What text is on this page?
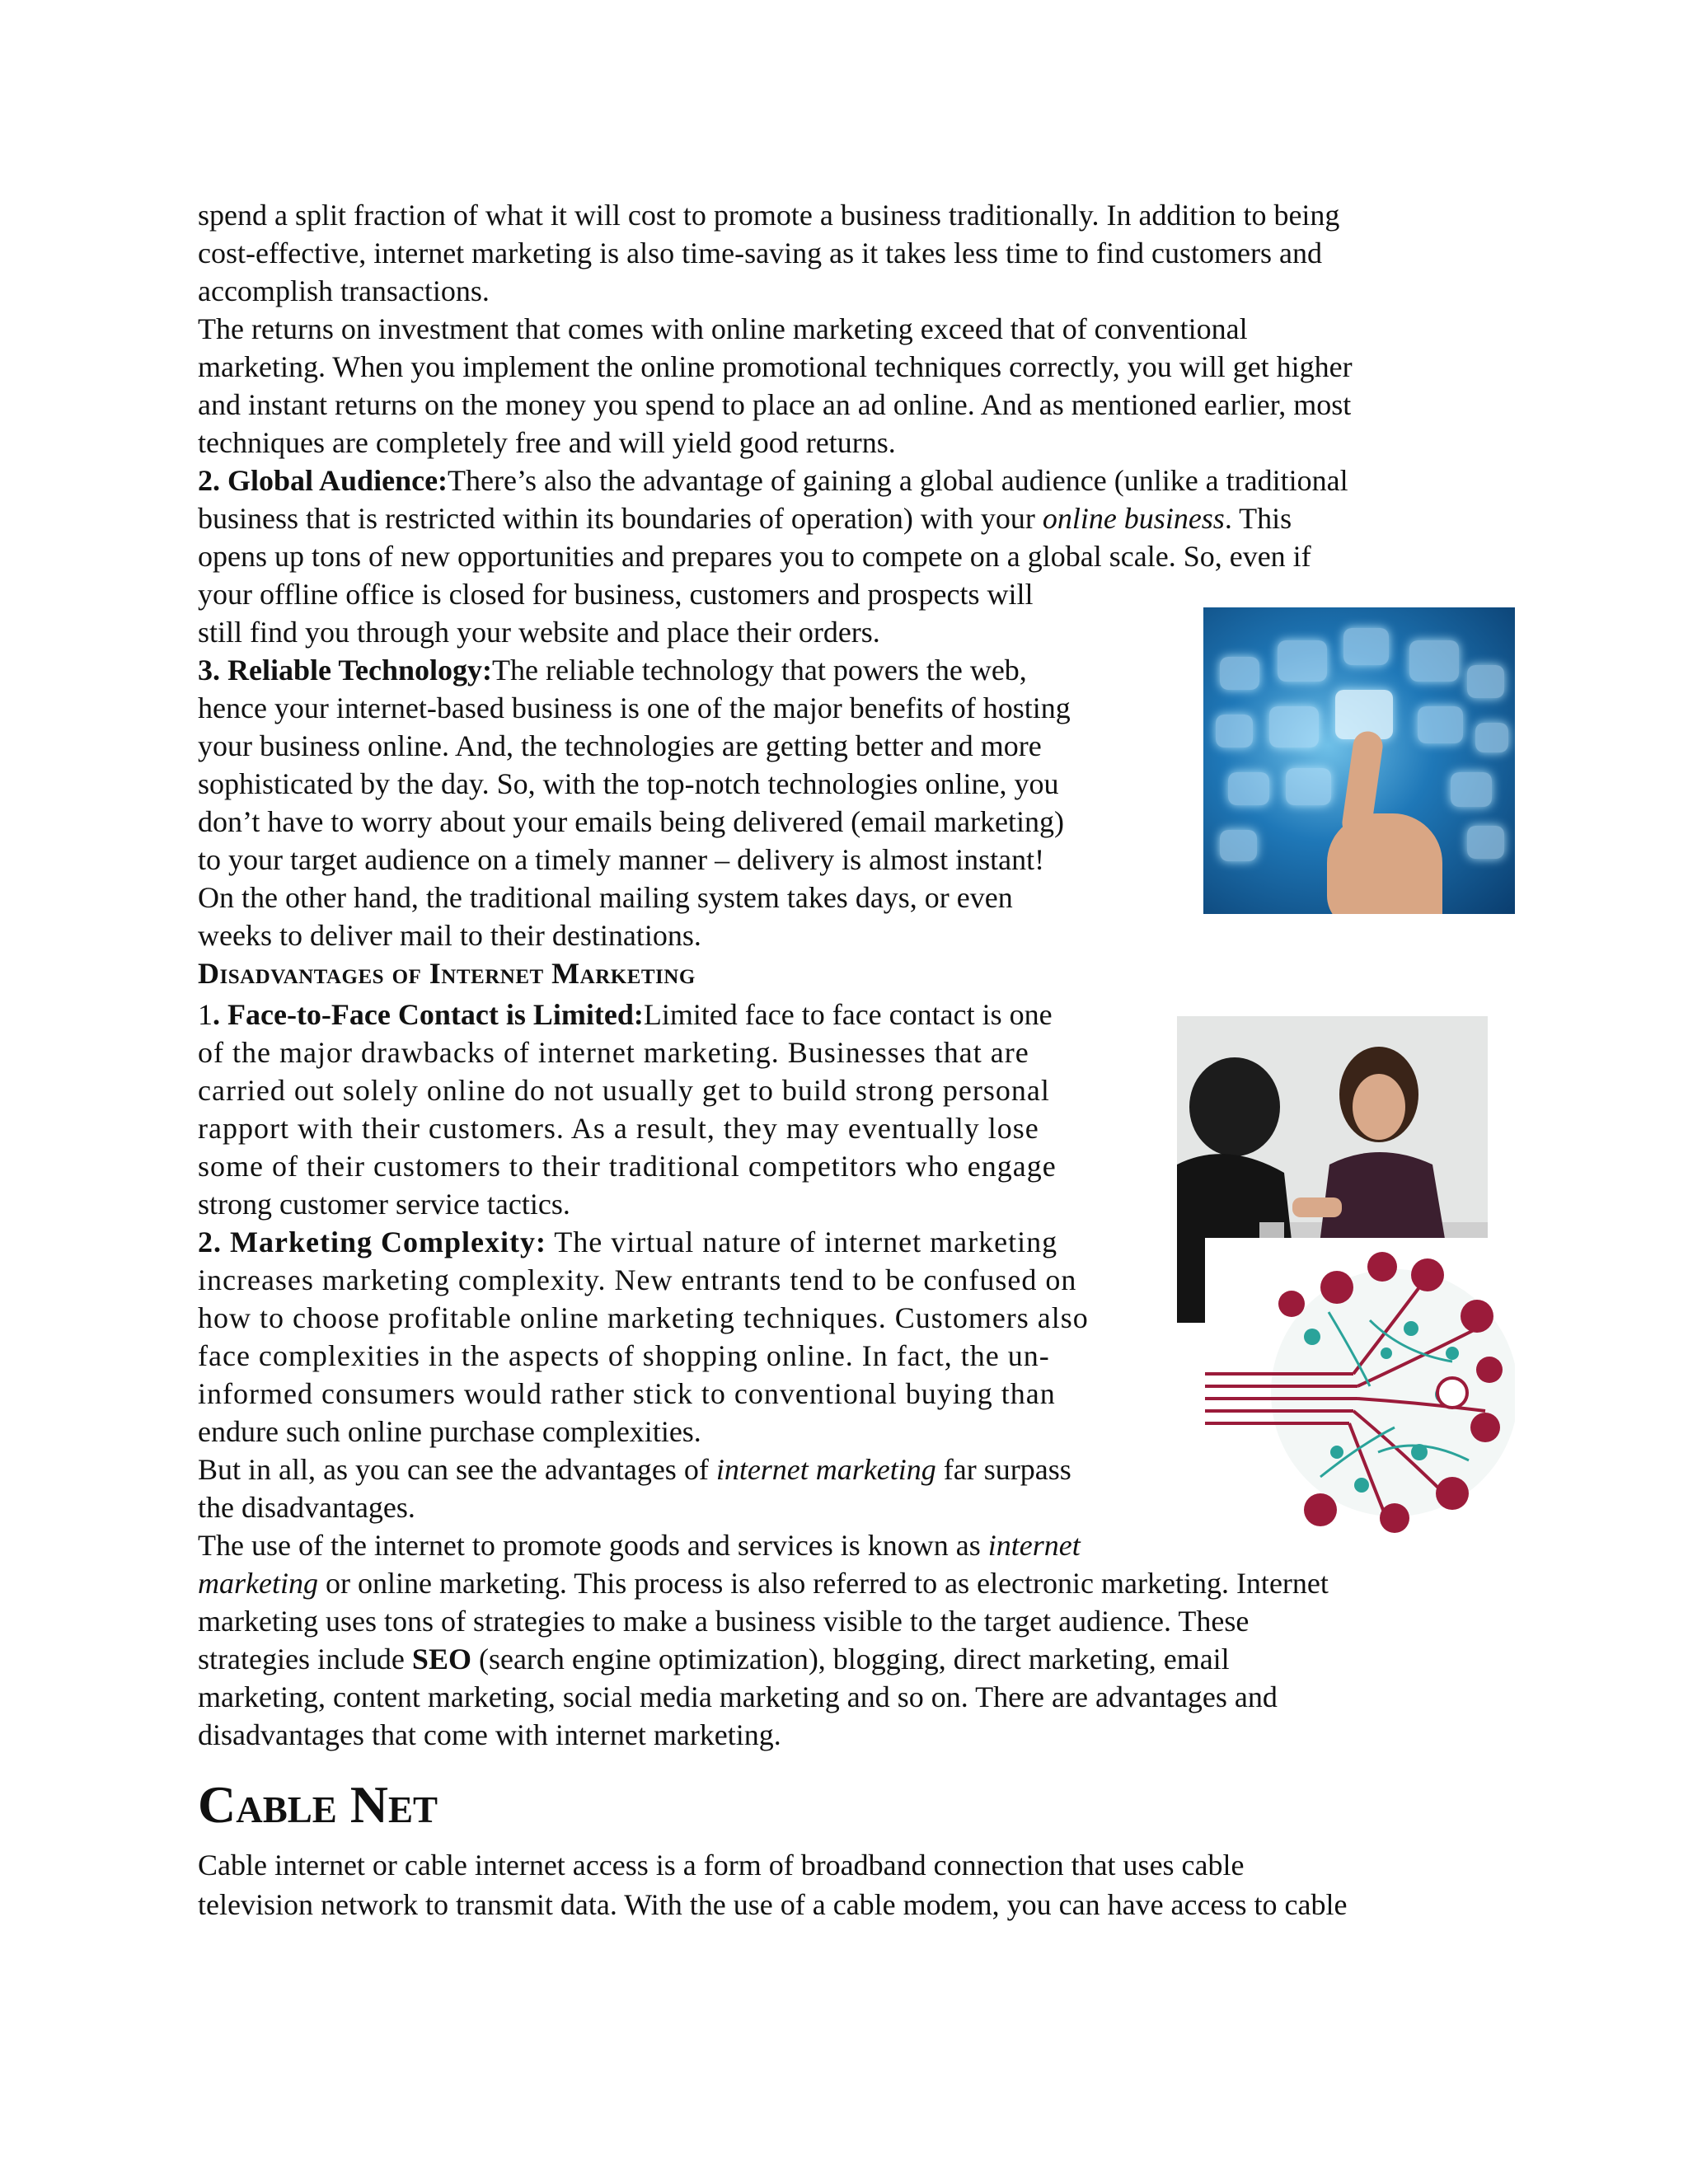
spend a split fraction of what it will cost to promote a business traditionally. In addition to being
cost-effective, internet marketing is also time-saving as it takes less time to find customers and
accomplish transactions.
The returns on investment that comes with online marketing exceed that of conventional
marketing. When you implement the online promotional techniques correctly, you will get higher
and instant returns on the money you spend to place an ad online. And as mentioned earlier, most
techniques are completely free and will yield good returns.
2. Global Audience:There’s also the advantage of gaining a global audience (unlike a traditional
business that is restricted within its boundaries of operation) with your online business. This
opens up tons of new opportunities and prepares you to compete on a global scale. So, even if
your offline office is closed for business, customers and prospects will
still find you through your website and place their orders.
3. Reliable Technology:The reliable technology that powers the web,
hence your internet-based business is one of the major benefits of hosting
your business online. And, the technologies are getting better and more
sophisticated by the day. So, with the top-notch technologies online, you
don’t have to worry about your emails being delivered (email marketing)
to your target audience on a timely manner – delivery is almost instant!
On the other hand, the traditional mailing system takes days, or even
weeks to deliver mail to their destinations.
Disadvantages of Internet Marketing
1. Face-to-Face Contact is Limited:Limited face to face contact is one
of the major drawbacks of internet marketing. Businesses that are
carried out solely online do not usually get to build strong personal
rapport with their customers. As a result, they may eventually lose
some of their customers to their traditional competitors who engage
strong customer service tactics.
2. Marketing Complexity: The virtual nature of internet marketing
increases marketing complexity. New entrants tend to be confused on
how to choose profitable online marketing techniques. Customers also
face complexities in the aspects of shopping online. In fact, the un-
informed consumers would rather stick to conventional buying than
endure such online purchase complexities.
But in all, as you can see the advantages of internet marketing far surpass
the disadvantages.
The use of the internet to promote goods and services is known as internet
marketing or online marketing. This process is also referred to as electronic marketing. Internet
marketing uses tons of strategies to make a business visible to the target audience. These
strategies include SEO (search engine optimization), blogging, direct marketing, email
marketing, content marketing, social media marketing and so on. There are advantages and
disadvantages that come with internet marketing.
Cable Net
Cable internet or cable internet access is a form of broadband connection that uses cable
television network to transmit data. With the use of a cable modem, you can have access to cable
